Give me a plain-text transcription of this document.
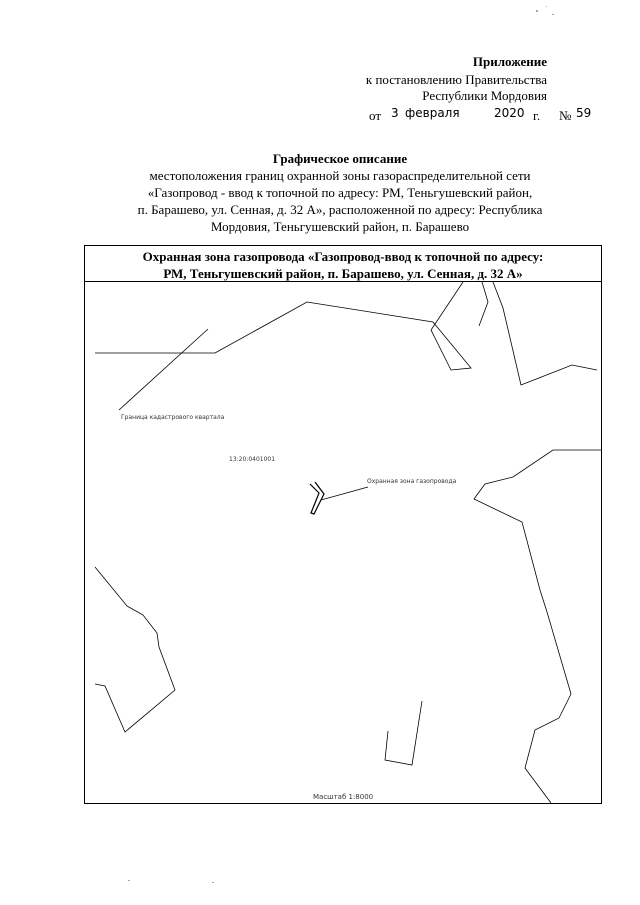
Приложение
к постановлению Правительства
Республики Мордовия
от 3 февраля	2020 г. № 59
Графическое описание
местоположения границ охранной зоны газораспределительной сети
«Газопровод - ввод к топочной по адресу: РМ, Теньгушевский район,
п. Барашево, ул. Сенная, д. 32 А», расположенной по адресу: Республика
Мордовия, Теньгушевский район, п. Барашево
Охранная зона газопровода «Газопровод-ввод к топочной по адресу:
РМ, Теньгушевский район, п. Барашево, ул. Сенная, д. 32 А»
Граница кадастрового квартала
13:20:0401001
Охранная зона газопровода
Масштаб 1:8000
